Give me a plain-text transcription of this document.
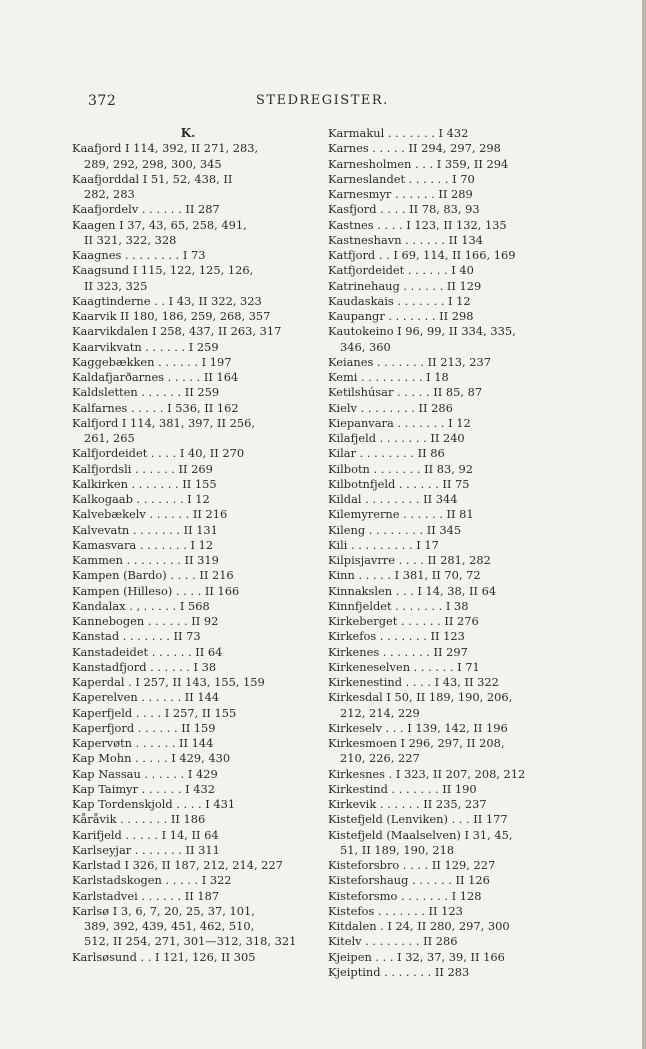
372	STEDREGISTER.
K.
Kaafjord I 114, 392, II 271, 283,
289, 292, 298, 300, 345
Kaafjorddal I 51, 52, 438, II
282, 283
Kaafjordelv . . . . . . II 287
Kaagen I 37, 43, 65, 258, 491,
II 321, 322, 328
Kaagnes . . . . . . . . I 73
Kaagsund I 115, 122, 125, 126,
II 323, 325
Kaagtinderne . . I 43, II 322, 323
Kaarvik II 180, 186, 259, 268, 357
Kaarvikdalen I 258, 437, II 263, 317
Kaarvikvatn . . . . . . I 259
Kaggebækken . . . . . . I 197
Kaldafjarðarnes . . . . . II 164
Kaldsletten . . . . . . II 259
Kalfarnes . . . . . I 536, II 162
Kalfjord I 114, 381, 397, II 256,
261, 265
Kalfjordeidet . . . . I 40, II 270
Kalfjordsli . . . . . . II 269
Kalkirken . . . . . . . II 155
Kalkogaab . . . . . . . I 12
Kalvebækelv . . . . . . II 216
Kalvevatn . . . . . . . II 131
Kamasvara . . . . . . . I 12
Kammen . . . . . . . . II 319
Kampen (Bardo) . . . . II 216
Kampen (Hilleso) . . . . II 166
Kandalax . , . . . . . I 568
Kannebogen . . . . . . II 92
Kanstad . . . . . . . II 73
Kanstadeidet . . . . . . II 64
Kanstadfjord . . . . . . I 38
Kaperdal . I 257, II 143, 155, 159
Kaperelven . . . . . . II 144
Kaperfjeld . . . . I 257, II 155
Kaperfjord . . . . . . II 159
Kapervøtn . . . . . . II 144
Kap Mohn . . . . . I 429, 430
Kap Nassau . . . . . . I 429
Kap Taimyr . . . . . . I 432
Kap Tordenskjold . . . . I 431
Kåråvik . . . . . . . II 186
Karifjeld . . . . . I 14, II 64
Karlseyjar . . . . . . . II 311
Karlstad I 326, II 187, 212, 214, 227
Karlstadskogen . . . . . I 322
Karlstadvei . . . . . . II 187
Karlsø I 3, 6, 7, 20, 25, 37, 101,
389, 392, 439, 451, 462, 510,
512, II 254, 271, 301—312, 318, 321
Karlsøsund . . I 121, 126, II 305
Karmakul . . . . . . . I 432
Karnes . . . . . II 294, 297, 298
Karnesholmen . . . I 359, II 294
Karneslandet . . . . . . I 70
Karnesmyr . . . . . . II 289
Kasfjord . . . . II 78, 83, 93
Kastnes . . . . I 123, II 132, 135
Kastneshavn . . . . . . II 134
Katfjord . . I 69, 114, II 166, 169
Katfjordeidet . . . . . . I 40
Katrinehaug . . . . . . II 129
Kaudaskais . . . . . . . I 12
Kaupangr . . . . . . . II 298
Kautokeino I 96, 99, II 334, 335,
346, 360
Keianes . . . . . . . II 213, 237
Kemi . . . . . . . . . I 18
Ketilshúsar . . . . . II 85, 87
Kielv . . . . . . . . II 286
Kiepanvara . . . . . . . I 12
Kilafjeld . . . . . . . II 240
Kilar . . . . . . . . II 86
Kilbotn . . . . . . . II 83, 92
Kilbotnfjeld . . . . . . II 75
Kildal . . . . . . . . II 344
Kilemyrerne . . . . . . II 81
Kileng . . . . . . . . II 345
Kili . . . . . . . . . I 17
Kilpisjavrre . . . . II 281, 282
Kinn . . . . . I 381, II 70, 72
Kinnakslen . . . I 14, 38, II 64
Kinnfjeldet . . . . . . . I 38
Kirkeberget . . . . . . II 276
Kirkefos . . . . . . . II 123
Kirkenes . . . . . . . II 297
Kirkeneselven . . . . . . I 71
Kirkenestind . . . . I 43, II 322
Kirkesdal I 50, II 189, 190, 206,
212, 214, 229
Kirkeselv . . . I 139, 142, II 196
Kirkesmoen I 296, 297, II 208,
210, 226, 227
Kirkesnes . I 323, II 207, 208, 212
Kirkestind . . . . . . . II 190
Kirkevik . . . . . . II 235, 237
Kistefjeld (Lenviken) . . . II 177
Kistefjeld (Maalselven) I 31, 45,
51, II 189, 190, 218
Kisteforsbro . . . . II 129, 227
Kisteforshaug . . . . . . II 126
Kisteforsmo . . . . . . . I 128
Kistefos . . . . . . . II 123
Kitdalen . I 24, II 280, 297, 300
Kitelv . . . . . . . . II 286
Kjeipen . . . I 32, 37, 39, II 166
Kjeiptind . . . . . . . II 283
